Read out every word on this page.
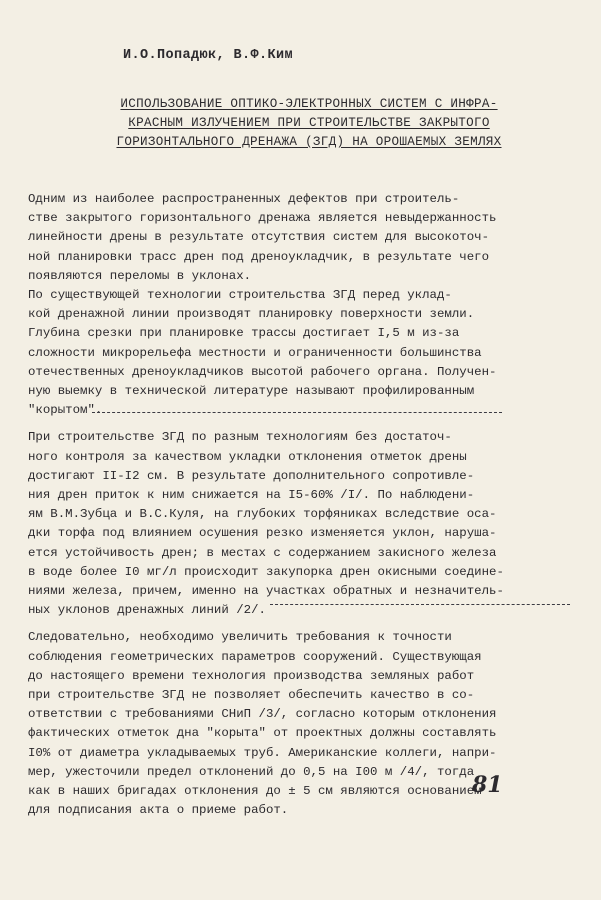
И.О.Попадюк, В.Ф.Ким
ИСПОЛЬЗОВАНИЕ ОПТИКО-ЭЛЕКТРОННЫХ СИСТЕМ С ИНФРА-
КРАСНЫМ ИЗЛУЧЕНИЕМ ПРИ СТРОИТЕЛЬСТВЕ ЗАКРЫТОГО
ГОРИЗОНТАЛЬНОГО ДРЕНАЖА (ЗГД) НА ОРОШАЕМЫХ ЗЕМЛЯХ
Одним из наиболее распространенных дефектов при строитель-
стве закрытого горизонтального дренажа является невыдержанность
линейности дрены в результате отсутствия систем для высокоточ-
ной планировки трасс дрен под дреноукладчик, в результате чего
появляются переломы в уклонах.
По существующей технологии строительства ЗГД перед уклад-
кой дренажной линии производят планировку поверхности земли.
Глубина срезки при планировке трассы достигает I,5 м из-за
сложности микрорельефа местности и ограниченности большинства
отечественных дреноукладчиков высотой рабочего органа. Получен-
ную выемку в технической литературе называют профилированным
"корытом".
При строительстве ЗГД по разным технологиям без достаточ-
ного контроля за качеством укладки отклонения отметок дрены
достигают II-I2 см. В результате дополнительного сопротивле-
ния дрен приток к ним снижается на I5-60% /I/. По наблюдени-
ям В.М.Зубца и В.С.Куля, на глубоких торфяниках вследствие оса-
дки торфа под влиянием осушения резко изменяется уклон, наруша-
ется устойчивость дрен; в местах с содержанием закисного железа
в воде более I0 мг/л происходит закупорка дрен окисными соедине-
ниями железа, причем, именно на участках обратных и незначитель-
ных уклонов дренажных линий /2/.
Следовательно, необходимо увеличить требования к точности
соблюдения геометрических параметров сооружений. Существующая
до настоящего времени технология производства земляных работ
при строительстве ЗГД не позволяет обеспечить качество в со-
ответствии с требованиями СНиП /3/, согласно которым отклонения
фактических отметок дна "корыта" от проектных должны составлять
I0% от диаметра укладываемых труб. Американские коллеги, напри-
мер, ужесточили предел отклонений до 0,5 на I00 м /4/, тогда
как в наших бригадах отклонения до ± 5 см являются основанием
для подписания акта о приеме работ.
81
